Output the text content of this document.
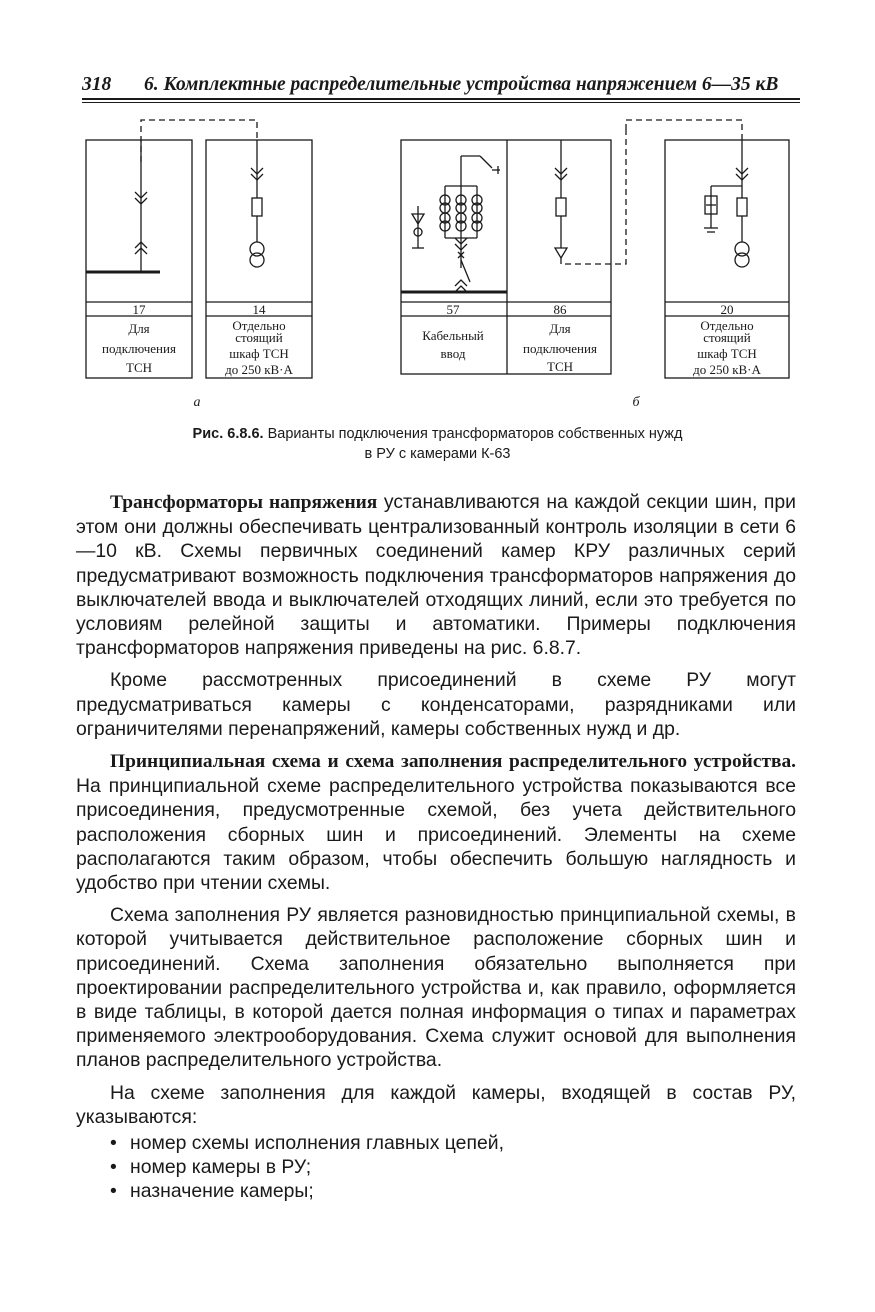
318 6. Комплектные распределительные устройства напряжением 6—35 кВ
17
Для
подключения
ТСН
14
Отдельно
стоящий
шкаф ТСН
до 250 кВ·А
57
Кабельный
ввод
86
Для
подключения
ТСН
20
Отдельно
стоящий
шкаф ТСН
до 250 кВ·А
а	б
Рис. 6.8.6. Варианты подключения трансформаторов собственных нужд
в РУ с камерами К-63

Трансформаторы напряжения устанавливаются на каждой секции шин, при этом они должны обеспечивать централизованный контроль изоляции в сети 6—10 кВ. Схемы первичных соединений камер КРУ различных серий предусматривают возможность подключения трансформаторов напряжения до выключателей ввода и выключателей отходящих линий, если это требуется по условиям релейной защиты и автоматики. Примеры подключения трансформаторов напряжения приведены на рис. 6.8.7.

Кроме рассмотренных присоединений в схеме РУ могут предусматриваться камеры с конденсаторами, разрядниками или ограничителями перенапряжений, камеры собственных нужд и др.

Принципиальная схема и схема заполнения распределительного устройства. На принципиальной схеме распределительного устройства показываются все присоединения, предусмотренные схемой, без учета действительного расположения сборных шин и присоединений. Элементы на схеме располагаются таким образом, чтобы обеспечить большую наглядность и удобство при чтении схемы.

Схема заполнения РУ является разновидностью принципиальной схемы, в которой учитывается действительное расположение сборных шин и присоединений. Схема заполнения обязательно выполняется при проектировании распределительного устройства и, как правило, оформляется в виде таблицы, в которой дается полная информация о типах и параметрах применяемого электрооборудования. Схема служит основой для выполнения планов распределительного устройства.

На схеме заполнения для каждой камеры, входящей в состав РУ, указываются:

• номер схемы исполнения главных цепей,
• номер камеры в РУ;
• назначение камеры;
